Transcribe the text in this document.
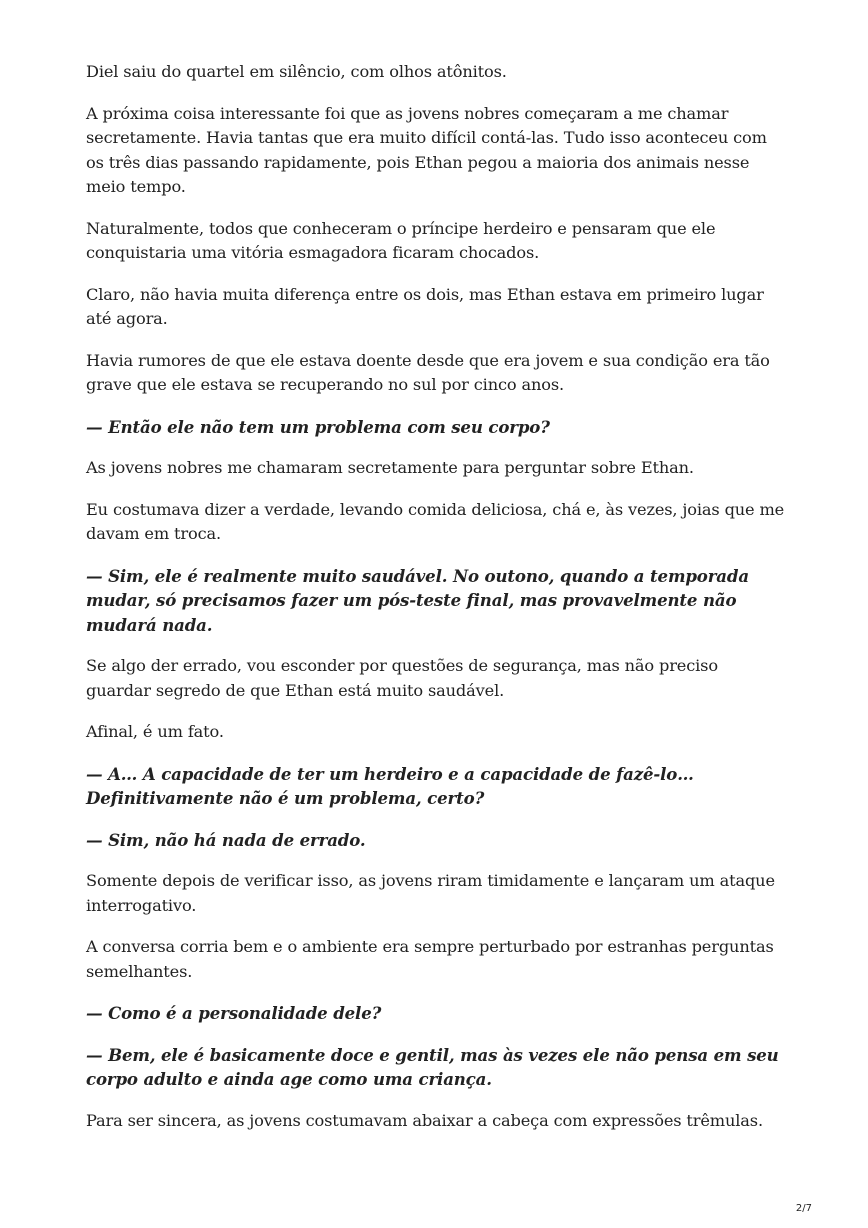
Diel saiu do quartel em silêncio, com olhos atônitos.

A próxima coisa interessante foi que as jovens nobres começaram a me chamar secretamente. Havia tantas que era muito difícil contá-las. Tudo isso aconteceu com os três dias passando rapidamente, pois Ethan pegou a maioria dos animais nesse meio tempo.

Naturalmente, todos que conheceram o príncipe herdeiro e pensaram que ele conquistaria uma vitória esmagadora ficaram chocados.

Claro, não havia muita diferença entre os dois, mas Ethan estava em primeiro lugar até agora.

Havia rumores de que ele estava doente desde que era jovem e sua condição era tão grave que ele estava se recuperando no sul por cinco anos.

— Então ele não tem um problema com seu corpo?

As jovens nobres me chamaram secretamente para perguntar sobre Ethan.

Eu costumava dizer a verdade, levando comida deliciosa, chá e, às vezes, joias que me davam em troca.

— Sim, ele é realmente muito saudável. No outono, quando a temporada mudar, só precisamos fazer um pós-teste final, mas provavelmente não mudará nada.

Se algo der errado, vou esconder por questões de segurança, mas não preciso guardar segredo de que Ethan está muito saudável.

Afinal, é um fato.

— A… A capacidade de ter um herdeiro e a capacidade de fazê-lo… Definitivamente não é um problema, certo?

— Sim, não há nada de errado.

Somente depois de verificar isso, as jovens riram timidamente e lançaram um ataque interrogativo.

A conversa corria bem e o ambiente era sempre perturbado por estranhas perguntas semelhantes.

— Como é a personalidade dele?

— Bem, ele é basicamente doce e gentil, mas às vezes ele não pensa em seu corpo adulto e ainda age como uma criança.

Para ser sincera, as jovens costumavam abaixar a cabeça com expressões trêmulas.

2/7
